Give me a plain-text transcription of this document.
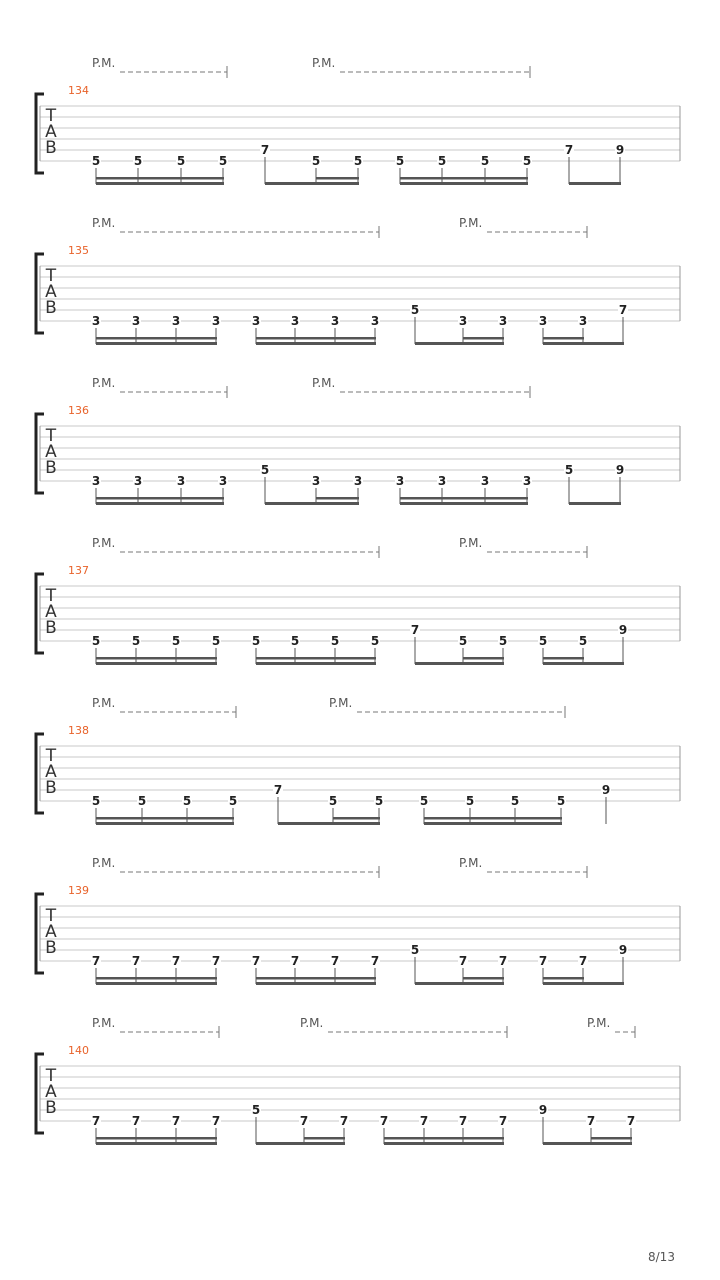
P.M.	P.M.
134
T
A
B
5	5	5	5
7
5	5	5	5	5	5
7	9
P.M.	P.M.
135
T
A
B
3	3	3	3	3	3	3	3
5
3	3	3	3
7
P.M.	P.M.
136
T
A
B
3	3	3	3
5
3	3	3	3	3	3
5	9
P.M.	P.M.
137
T
A
B
5	5	5	5	5	5	5	5
7
5	5	5	5
9
P.M.	P.M.
138
T
A
B
5	5	5	5
7
5	5	5	5	5	5
9
P.M.	P.M.
139
T
A
B
7	7	7	7	7	7	7	7
5
7	7	7	7
9
P.M.	P.M.	P.M.
140
T
A
B
7	7	7	7
5
7	7	7	7	7	7
9
7	7
8/13
